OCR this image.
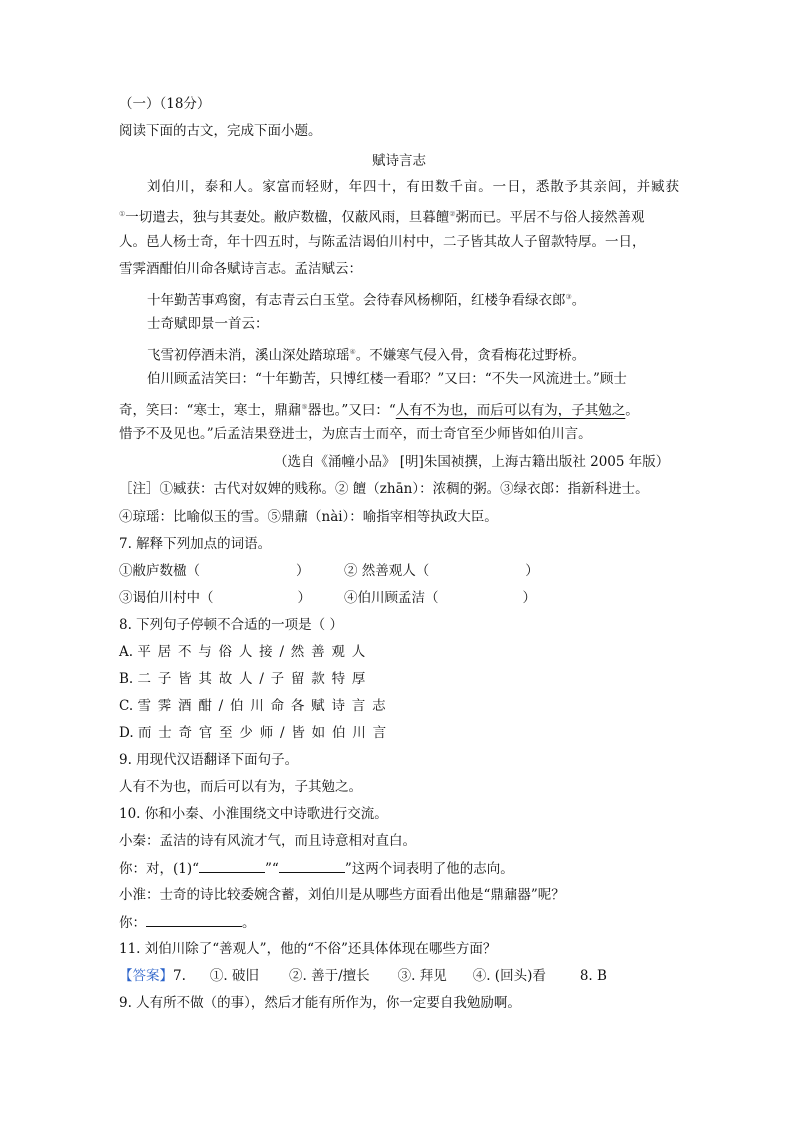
（一）（18分）
阅读下面的古文，完成下面小题。
赋诗言志
刘伯川，泰和人。家富而轻财，年四十，有田数千亩。一日，悉散予其亲闾，并臧获
①一切遣去，独与其妻处。敝庐数楹，仅蔽风雨，旦暮饘②粥而已。平居不与俗人接然善观
人。邑人杨士奇，年十四五时，与陈孟洁谒伯川村中，二子皆其故人子留款特厚。一日，
雪霁酒酣伯川命各赋诗言志。孟洁赋云：
十年勤苦事鸡窗，有志青云白玉堂。会待春风杨柳陌，红楼争看绿衣郎③。
士奇赋即景一首云：
飞雪初停酒未消，溪山深处踏琼瑶④。不嫌寒气侵入骨，贪看梅花过野桥。
伯川顾孟洁笑曰：“十年勤苦，只博红楼一看耶？”又曰：“不失一风流进士。”顾士
奇，笑曰：“寒士，寒士，鼎鼐⑤器也。”又曰：“人有不为也，而后可以有为，子其勉之。
惜予不及见也。”后孟洁果登进士，为庶吉士而卒，而士奇官至少师皆如伯川言。
（选自《涌幢小品》 [明]朱国祯撰，上海古籍出版社 2005 年版）
［注］①臧获：古代对奴婢的贱称。② 饘（zhān）：浓稠的粥。③绿衣郎：指新科进士。
④琼瑶：比喻似玉的雪。⑤鼎鼐（nài）：喻指宰相等执政大臣。
7. 解释下列加点的词语。
①敝庐数楹（	）	② 然善观人（	）
③谒伯川村中（	） ④伯川顾孟洁（	）
8. 下列句子停顿不合适的一项是（ ）
A. 平居不与俗人接/然善观人
B. 二子皆其故人/子留款特厚
C. 雪霁酒酣/伯川命各赋诗言志
D. 而士奇官至少师/皆如伯川言
9. 用现代汉语翻译下面句子。
人有不为也，而后可以有为，子其勉之。
10. 你和小秦、小淮围绕文中诗歌进行交流。
小秦：孟洁的诗有风流才气，而且诗意相对直白。
你：对，(1)“	”“	”这两个词表明了他的志向。
小淮：士奇的诗比较委婉含蓄，刘伯川是从哪些方面看出他是“鼎鼐器”呢？
你：	。
11. 刘伯川除了“善观人”，他的“不俗”还具体体现在哪些方面？
【答案】7. ①. 破旧 ②. 善于/擅长 ③. 拜见 ④. (回头)看	8. B
9. 人有所不做（的事），然后才能有所作为，你一定要自我勉励啊。
